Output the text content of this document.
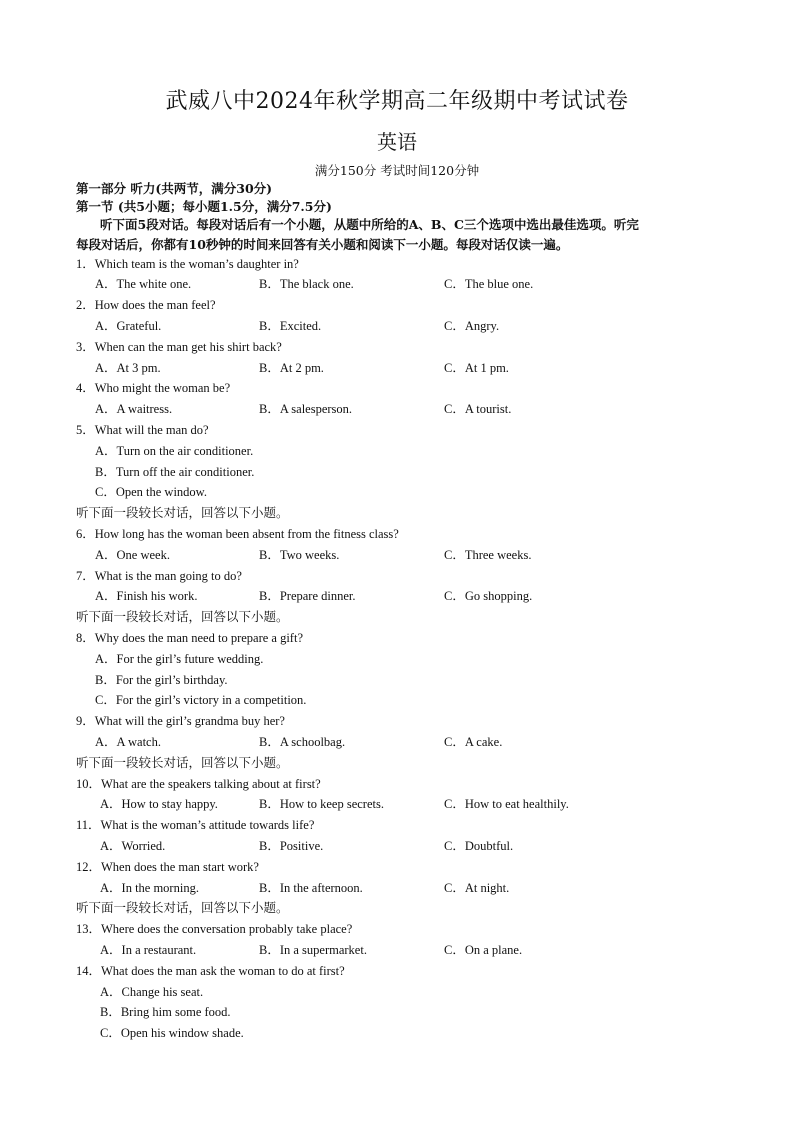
武威八中2024年秋学期高二年级期中考试试卷
英语
满分150分 考试时间120分钟
第一部分 听力(共两节，满分30分)
第一节 (共5小题；每小题1.5分，满分7.5分)
听下面5段对话。每段对话后有一个小题，从题中所给的A、B、C三个选项中选出最佳选项。听完
每段对话后，你都有10秒钟的时间来回答有关小题和阅读下一小题。每段对话仅读一遍。
1．Which team is the woman’s daughter in?
A．The white one.	B．The black one.	C．The blue one.
2．How does the man feel?
A．Grateful.	B．Excited.	C．Angry.
3．When can the man get his shirt back?
A．At 3 pm.	B．At 2 pm.	C．At 1 pm.
4．Who might the woman be?
A．A waitress.	B．A salesperson.	C．A tourist.
5．What will the man do?
A．Turn on the air conditioner.
B．Turn off the air conditioner.
C．Open the window.
听下面一段较长对话，回答以下小题。
6．How long has the woman been absent from the fitness class?
A．One week.	B．Two weeks.	C．Three weeks.
7．What is the man going to do?
A．Finish his work.	B．Prepare dinner.	C．Go shopping.
听下面一段较长对话，回答以下小题。
8．Why does the man need to prepare a gift?
A．For the girl’s future wedding.
B．For the girl’s birthday.
C．For the girl’s victory in a competition.
9．What will the girl’s grandma buy her?
A．A watch.	B．A schoolbag.	C．A cake.
听下面一段较长对话，回答以下小题。
10．What are the speakers talking about at first?
A．How to stay happy.	B．How to keep secrets.	C．How to eat healthily.
11．What is the woman’s attitude towards life?
A．Worried.	B．Positive.	C．Doubtful.
12．When does the man start work?
A．In the morning.	B．In the afternoon.	C．At night.
听下面一段较长对话，回答以下小题。
13．Where does the conversation probably take place?
A．In a restaurant.	B．In a supermarket.	C．On a plane.
14．What does the man ask the woman to do at first?
A．Change his seat.
B．Bring him some food.
C．Open his window shade.
